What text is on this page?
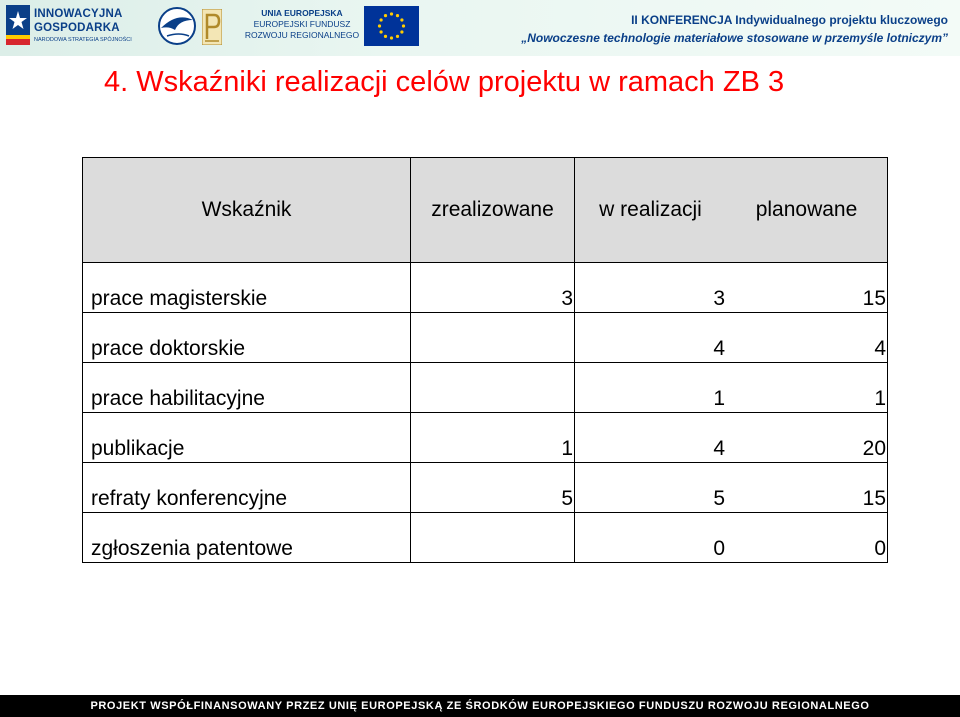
INNOWACYJNA
GOSPODARKA
NARODOWA STRATEGIA SPÓJNOŚCI
UNIA EUROPEJSKA
EUROPEJSKI FUNDUSZ
ROZWOJU REGIONALNEGO
II KONFERENCJA Indywidualnego projektu kluczowego
„Nowoczesne technologie materiałowe stosowane w przemyśle lotniczym”
4. Wskaźniki realizacji celów projektu w ramach ZB 3
Wskaźnik	zrealizowane	w realizacji	planowane
prace magisterskie	3	3	15
prace doktorskie		4	4
prace habilitacyjne		1	1
publikacje	1	4	20
refraty konferencyjne	5	5	15
zgłoszenia patentowe		0	0
PROJEKT WSPÓŁFINANSOWANY PRZEZ UNIĘ EUROPEJSKĄ ZE ŚRODKÓW EUROPEJSKIEGO FUNDUSZU ROZWOJU REGIONALNEGO
